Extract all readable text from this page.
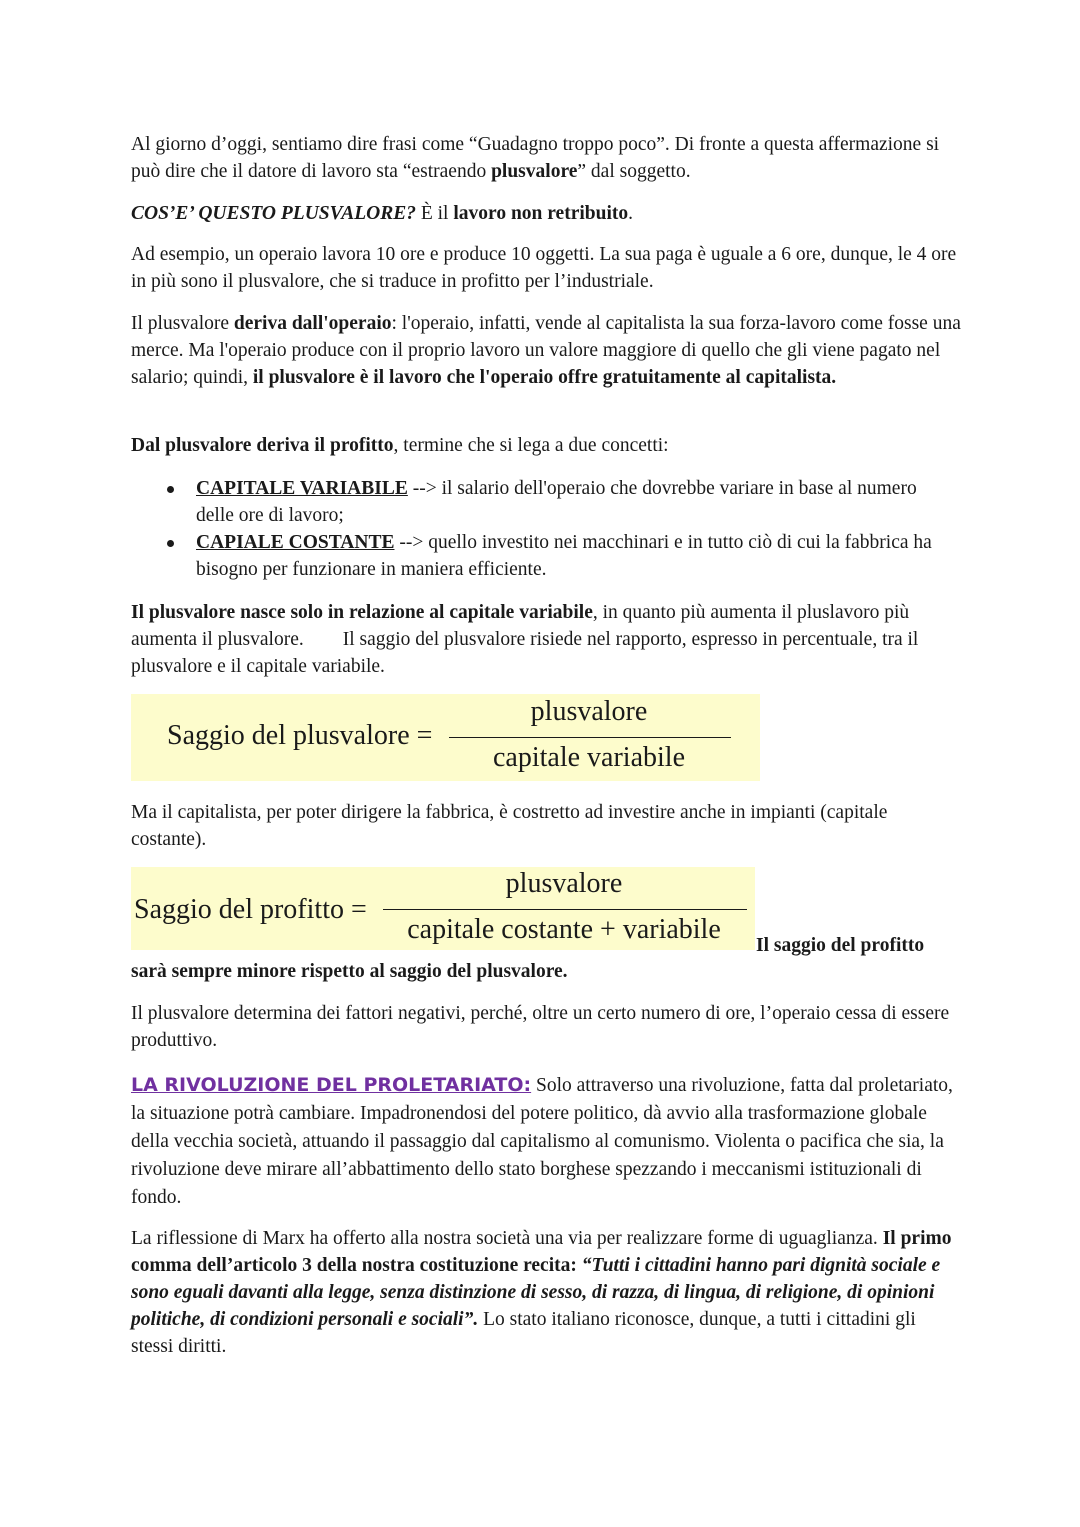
Al giorno d’oggi, sentiamo dire frasi come “Guadagno troppo poco”. Di fronte a questa affermazione si può dire che il datore di lavoro sta “estraendo plusvalore” dal soggetto.

COS’E’ QUESTO PLUSVALORE? È il lavoro non retribuito.

Ad esempio, un operaio lavora 10 ore e produce 10 oggetti. La sua paga è uguale a 6 ore, dunque, le 4 ore in più sono il plusvalore, che si traduce in profitto per l’industriale.

Il plusvalore deriva dall'operaio: l'operaio, infatti, vende al capitalista la sua forza-lavoro come fosse una merce. Ma l'operaio produce con il proprio lavoro un valore maggiore di quello che gli viene pagato nel salario; quindi, il plusvalore è il lavoro che l'operaio offre gratuitamente al capitalista.

Dal plusvalore deriva il profitto, termine che si lega a due concetti:

CAPITALE VARIABILE --> il salario dell'operaio che dovrebbe variare in base al numero delle ore di lavoro;
CAPIALE COSTANTE --> quello investito nei macchinari e in tutto ciò di cui la fabbrica ha bisogno per funzionare in maniera efficiente.

Il plusvalore nasce solo in relazione al capitale variabile, in quanto più aumenta il pluslavoro più aumenta il plusvalore.        Il saggio del plusvalore risiede nel rapporto, espresso in percentuale, tra il plusvalore e il capitale variabile.

Saggio del plusvalore =
plusvalore
capitale variabile

Ma il capitalista, per poter dirigere la fabbrica, è costretto ad investire anche in impianti (capitale costante).

Saggio del profitto =
plusvalore
capitale costante + variabile
Il saggio del profitto
sarà sempre minore rispetto al saggio del plusvalore.

Il plusvalore determina dei fattori negativi, perché, oltre un certo numero di ore, l’operaio cessa di essere produttivo.

LA RIVOLUZIONE DEL PROLETARIATO: Solo attraverso una rivoluzione, fatta dal proletariato, la situazione potrà cambiare. Impadronendosi del potere politico, dà avvio alla trasformazione globale della vecchia società, attuando il passaggio dal capitalismo al comunismo. Violenta o pacifica che sia, la rivoluzione deve mirare all’abbattimento dello stato borghese spezzando i meccanismi istituzionali di fondo.

La riflessione di Marx ha offerto alla nostra società una via per realizzare forme di uguaglianza. Il primo comma dell’articolo 3 della nostra costituzione recita: “Tutti i cittadini hanno pari dignità sociale e sono eguali davanti alla legge, senza distinzione di sesso, di razza, di lingua, di religione, di opinioni politiche, di condizioni personali e sociali”. Lo stato italiano riconosce, dunque, a tutti i cittadini gli stessi diritti.
